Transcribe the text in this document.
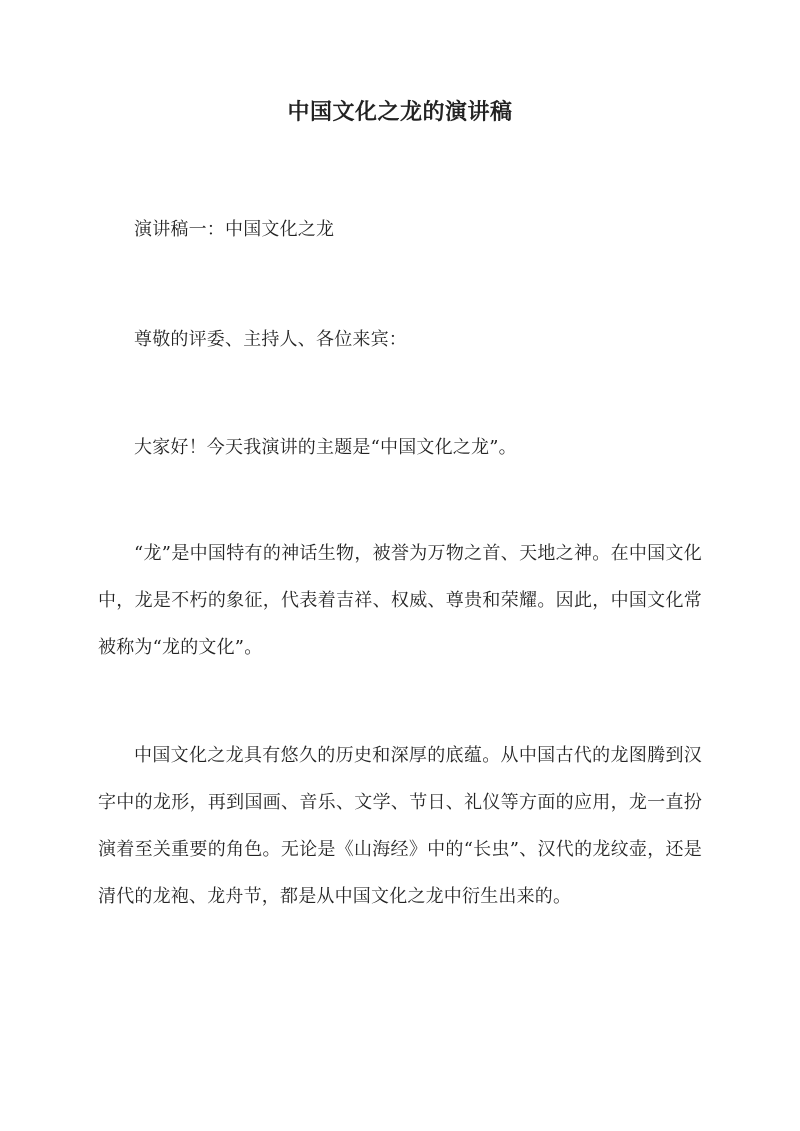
中国文化之龙的演讲稿

演讲稿一：中国文化之龙

尊敬的评委、主持人、各位来宾：

大家好！今天我演讲的主题是“中国文化之龙”。

“龙”是中国特有的神话生物，被誉为万物之首、天地之神。在中国文化中，龙是不朽的象征，代表着吉祥、权威、尊贵和荣耀。因此，中国文化常被称为“龙的文化”。

中国文化之龙具有悠久的历史和深厚的底蕴。从中国古代的龙图腾到汉字中的龙形，再到国画、音乐、文学、节日、礼仪等方面的应用，龙一直扮演着至关重要的角色。无论是《山海经》中的“长虫”、汉代的龙纹壶，还是清代的龙袍、龙舟节，都是从中国文化之龙中衍生出来的。
